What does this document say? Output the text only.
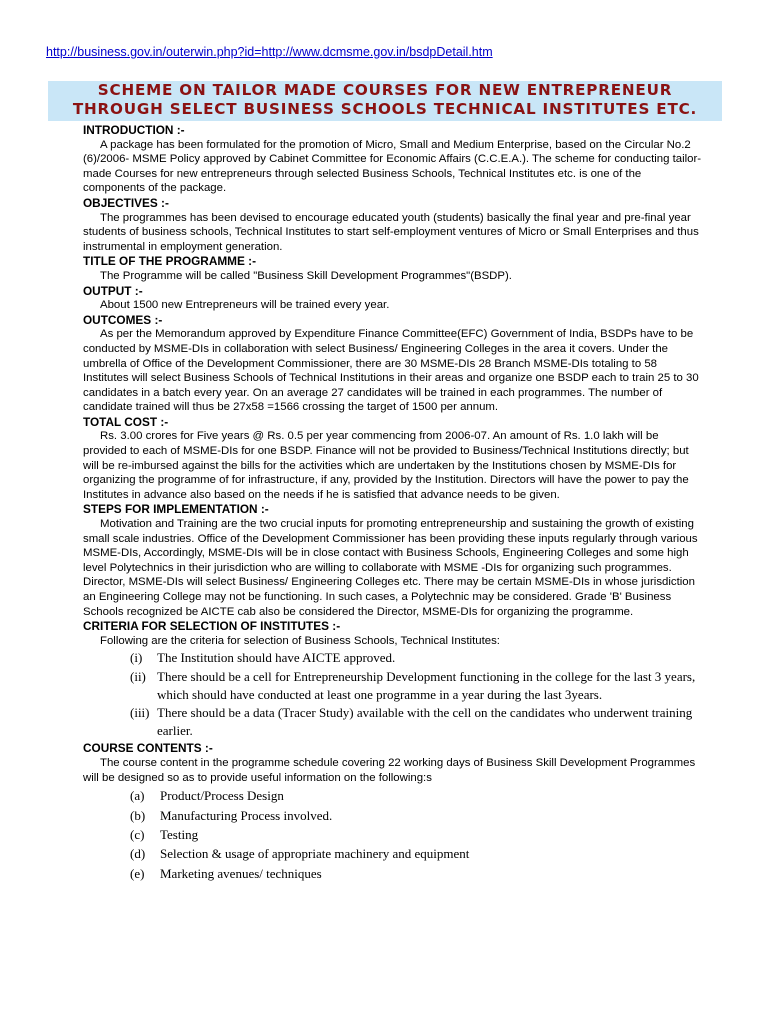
http://business.gov.in/outerwin.php?id=http://www.dcmsme.gov.in/bsdpDetail.htm
SCHEME ON TAILOR MADE COURSES FOR NEW ENTREPRENEUR
THROUGH SELECT BUSINESS SCHOOLS TECHNICAL INSTITUTES ETC.
INTRODUCTION :-
A package has been formulated for the promotion of Micro, Small and Medium Enterprise, based on the Circular No.2 (6)/2006- MSME Policy approved by Cabinet Committee for Economic Affairs (C.C.E.A.). The scheme for conducting tailor-made Courses for new entrepreneurs through selected Business Schools, Technical Institutes etc. is one of the components of the package.
OBJECTIVES :-
The programmes has been devised to encourage educated youth (students) basically the final year and pre-final year students of business schools, Technical Institutes to start self-employment ventures of Micro or Small Enterprises and thus instrumental in employment generation.
TITLE OF THE PROGRAMME :-
The Programme will be called "Business Skill Development Programmes"(BSDP).
OUTPUT :-
About 1500 new Entrepreneurs will be trained every year.
OUTCOMES :-
As per the Memorandum approved by Expenditure Finance Committee(EFC) Government of India, BSDPs have to be conducted by MSME-DIs in collaboration with select Business/ Engineering Colleges in the area it covers. Under the umbrella of Office of the Development Commissioner, there are 30 MSME-DIs 28 Branch MSME-DIs totaling to 58 Institutes will select Business Schools of Technical Institutions in their areas and organize one BSDP each to train 25 to 30 candidates in a batch every year. On an average 27 candidates will be trained in each programmes. The number of candidate trained will thus be 27x58 =1566 crossing the target of 1500 per annum.
TOTAL COST :-
Rs. 3.00 crores for Five years @ Rs. 0.5 per year commencing from 2006-07. An amount of Rs. 1.0 lakh will be provided to each of MSME-DIs for one BSDP. Finance will not be provided to Business/Technical Institutions directly; but will be re-imbursed against the bills for the activities which are undertaken by the Institutions chosen by MSME-DIs for organizing the programme of for infrastructure, if any, provided by the Institution. Directors will have the power to pay the Institutes in advance also based on the needs if he is satisfied that advance needs to be given.
STEPS FOR IMPLEMENTATION :-
Motivation and Training are the two crucial inputs for promoting entrepreneurship and sustaining the growth of existing small scale industries. Office of the Development Commissioner has been providing these inputs regularly through various MSME-DIs, Accordingly, MSME-DIs will be in close contact with Business Schools, Engineering Colleges and some high level Polytechnics in their jurisdiction who are willing to collaborate with MSME -DIs for organizing such programmes. Director, MSME-DIs will select Business/ Engineering Colleges etc. There may be certain MSME-DIs in whose jurisdiction an Engineering College may not be functioning. In such cases, a Polytechnic may be considered. Grade 'B' Business Schools recognized be AICTE cab also be considered the Director, MSME-DIs for organizing the programme.
CRITERIA FOR SELECTION OF INSTITUTES :-
Following are the criteria for selection of Business Schools, Technical Institutes:
(i)	The Institution should have AICTE approved.
(ii) There should be a cell for Entrepreneurship Development functioning in the college for the last 3 years, which should have conducted at least one programme in a year during the last 3years.
(iii) There should be a data (Tracer Study) available with the cell on the candidates who underwent training earlier.
COURSE CONTENTS :-
The course content in the programme schedule covering 22 working days of Business Skill Development Programmes will be designed so as to provide useful information on the following:s
(a)	Product/Process Design
(b)	Manufacturing Process involved.
(c)	Testing
(d)	Selection & usage of appropriate machinery and equipment
(e)	Marketing avenues/ techniques
